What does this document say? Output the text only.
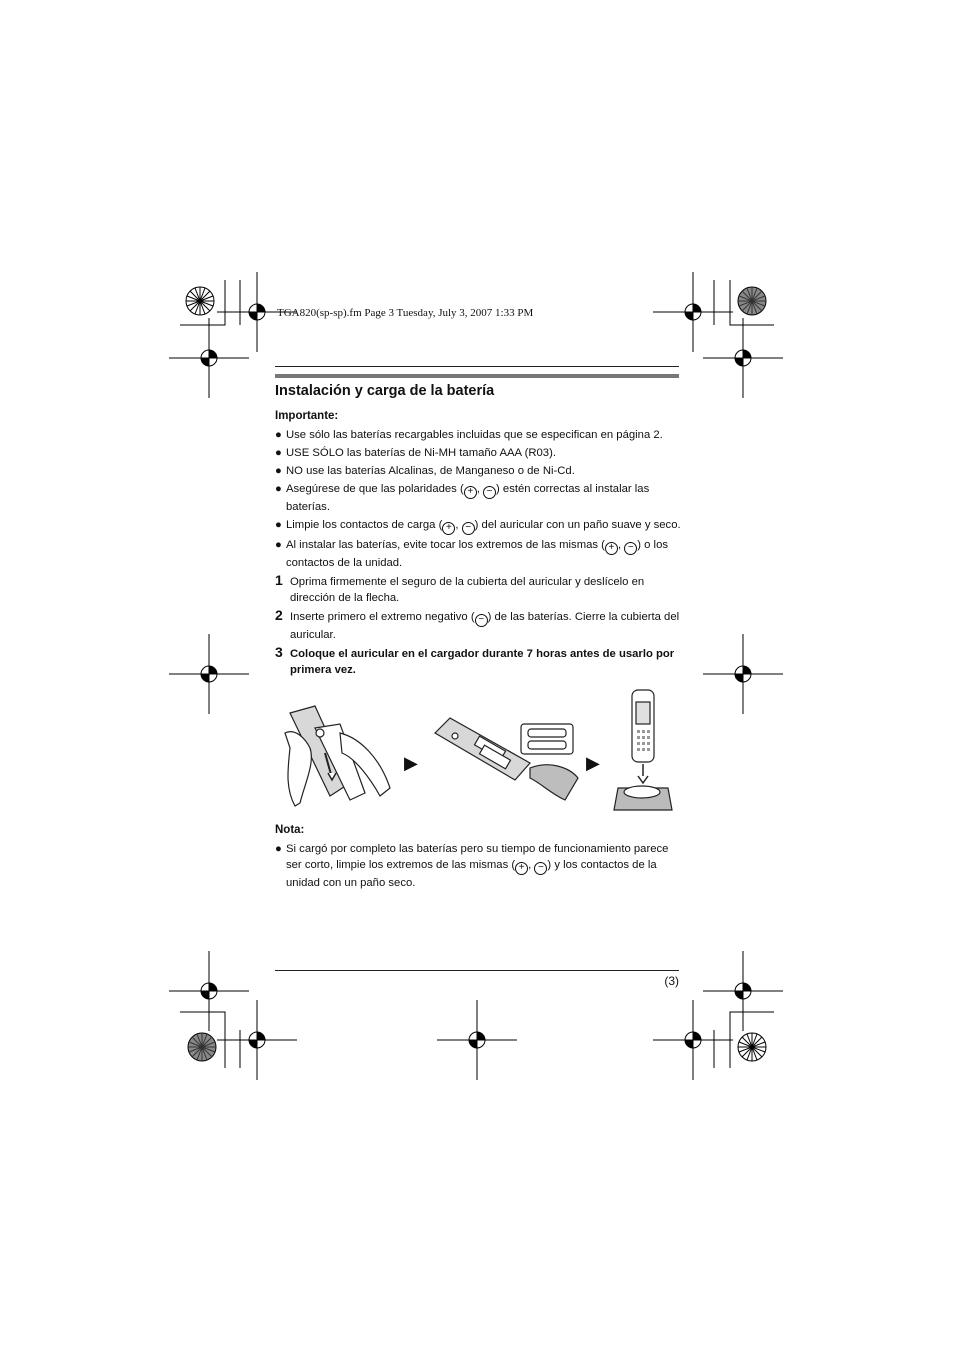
TGA820(sp-sp).fm Page 3 Tuesday, July 3, 2007 1:33 PM
Instalación y carga de la batería
Importante:
● Use sólo las baterías recargables incluidas que se especifican en página 2.
● USE SÓLO las baterías de Ni-MH tamaño AAA (R03).
● NO use las baterías Alcalinas, de Manganeso o de Ni-Cd.
● Asegúrese de que las polaridades ( + , − ) estén correctas al instalar las baterías.
● Limpie los contactos de carga ( + , − ) del auricular con un paño suave y seco.
● Al instalar las baterías, evite tocar los extremos de las mismas ( + , − ) o los contactos de la unidad.
1 Oprima firmemente el seguro de la cubierta del auricular y deslícelo en dirección de la flecha.
2 Inserte primero el extremo negativo ( − ) de las baterías. Cierre la cubierta del auricular.
3 Coloque el auricular en el cargador durante 7 horas antes de usarlo por primera vez.
▶	▶
Nota:
● Si cargó por completo las baterías pero su tiempo de funcionamiento parece ser corto, limpie los extremos de las mismas ( + , − ) y los contactos de la unidad con un paño seco.
(3)
